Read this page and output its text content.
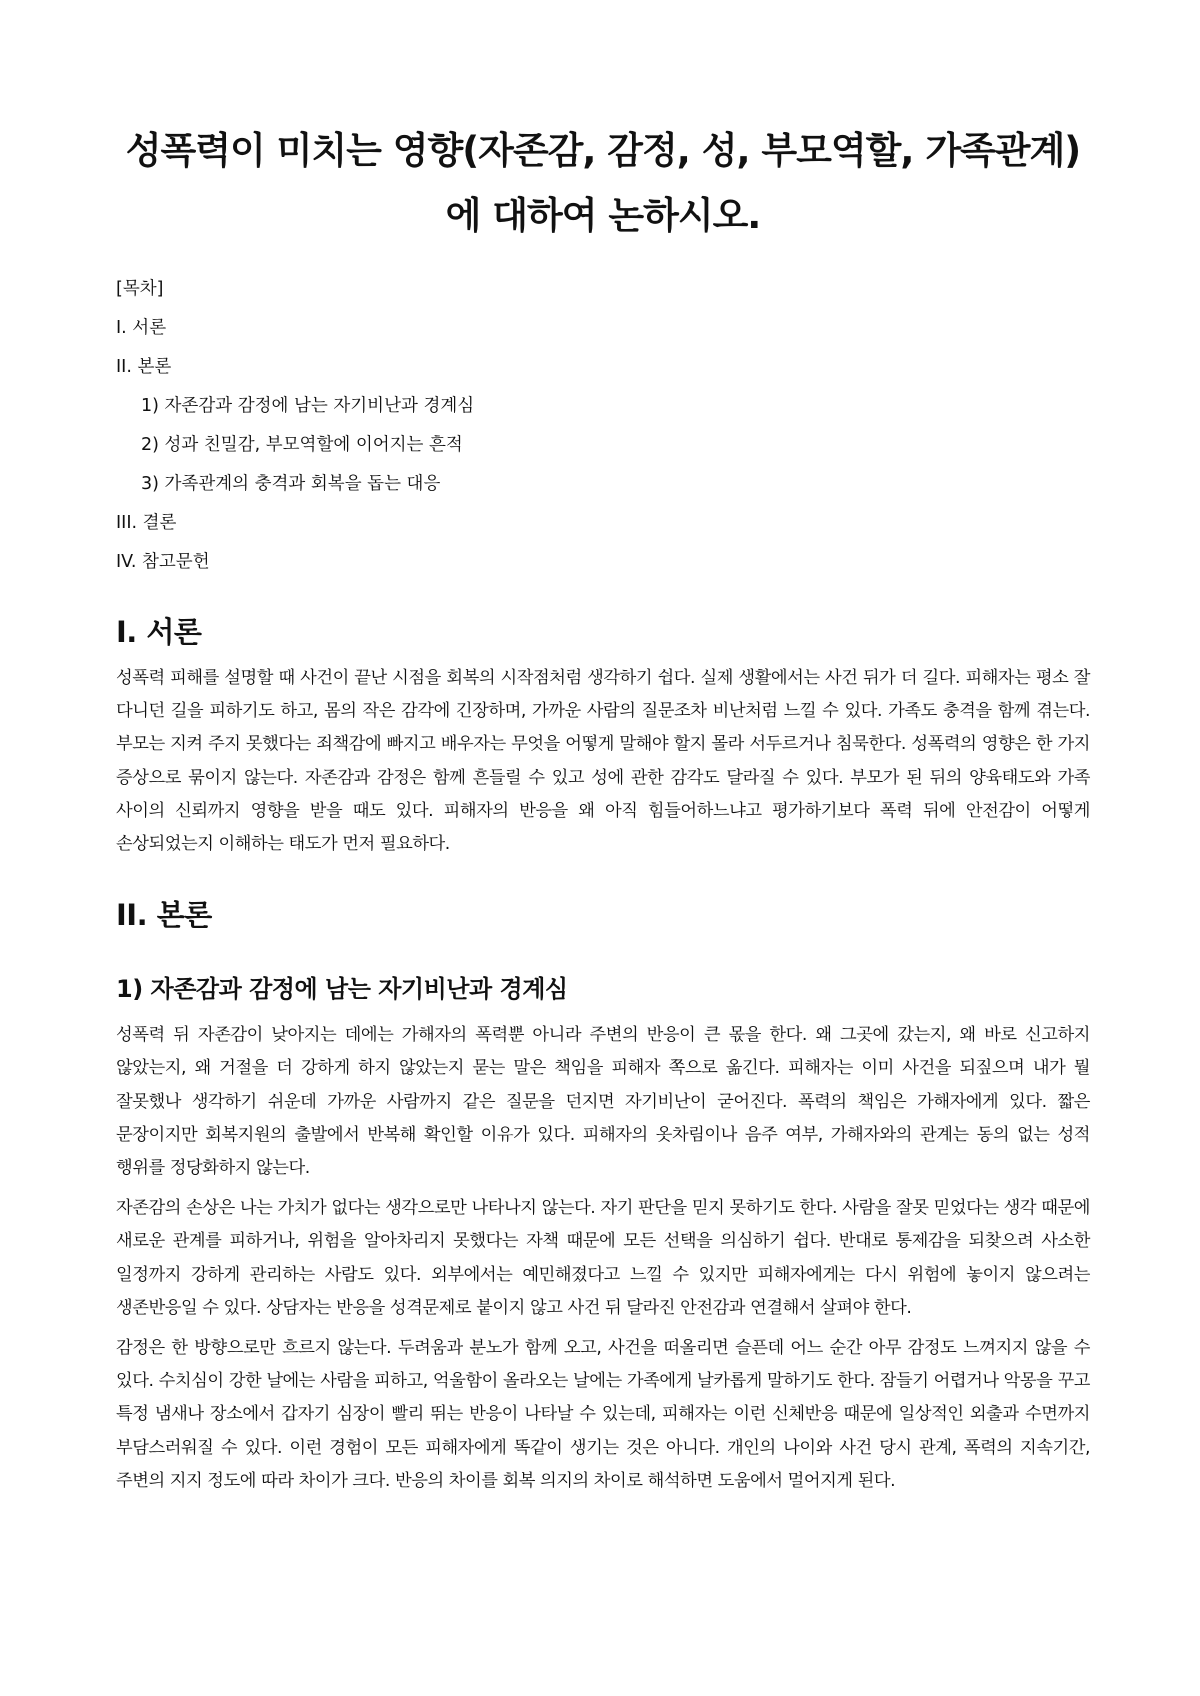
성폭력이 미치는 영향(자존감, 감정, 성, 부모역할, 가족관계)에 대하여 논하시오.
[목차]
I. 서론
II. 본론
1) 자존감과 감정에 남는 자기비난과 경계심
2) 성과 친밀감, 부모역할에 이어지는 흔적
3) 가족관계의 충격과 회복을 돕는 대응
III. 결론
IV. 참고문헌
I. 서론

성폭력 피해를 설명할 때 사건이 끝난 시점을 회복의 시작점처럼 생각하기 쉽다. 실제 생활에서는 사건 뒤가 더 길다. 피해자는 평소 잘 다니던 길을 피하기도 하고, 몸의 작은 감각에 긴장하며, 가까운 사람의 질문조차 비난처럼 느낄 수 있다. 가족도 충격을 함께 겪는다. 부모는 지켜 주지 못했다는 죄책감에 빠지고 배우자는 무엇을 어떻게 말해야 할지 몰라 서두르거나 침묵한다. 성폭력의 영향은 한 가지 증상으로 묶이지 않는다. 자존감과 감정은 함께 흔들릴 수 있고 성에 관한 감각도 달라질 수 있다. 부모가 된 뒤의 양육태도와 가족 사이의 신뢰까지 영향을 받을 때도 있다. 피해자의 반응을 왜 아직 힘들어하느냐고 평가하기보다 폭력 뒤에 안전감이 어떻게 손상되었는지 이해하는 태도가 먼저 필요하다.

II. 본론
1) 자존감과 감정에 남는 자기비난과 경계심

성폭력 뒤 자존감이 낮아지는 데에는 가해자의 폭력뿐 아니라 주변의 반응이 큰 몫을 한다. 왜 그곳에 갔는지, 왜 바로 신고하지 않았는지, 왜 거절을 더 강하게 하지 않았는지 묻는 말은 책임을 피해자 쪽으로 옮긴다. 피해자는 이미 사건을 되짚으며 내가 뭘 잘못했나 생각하기 쉬운데 가까운 사람까지 같은 질문을 던지면 자기비난이 굳어진다. 폭력의 책임은 가해자에게 있다. 짧은 문장이지만 회복지원의 출발에서 반복해 확인할 이유가 있다. 피해자의 옷차림이나 음주 여부, 가해자와의 관계는 동의 없는 성적 행위를 정당화하지 않는다.

자존감의 손상은 나는 가치가 없다는 생각으로만 나타나지 않는다. 자기 판단을 믿지 못하기도 한다. 사람을 잘못 믿었다는 생각 때문에 새로운 관계를 피하거나, 위험을 알아차리지 못했다는 자책 때문에 모든 선택을 의심하기 쉽다. 반대로 통제감을 되찾으려 사소한 일정까지 강하게 관리하는 사람도 있다. 외부에서는 예민해졌다고 느낄 수 있지만 피해자에게는 다시 위험에 놓이지 않으려는 생존반응일 수 있다. 상담자는 반응을 성격문제로 붙이지 않고 사건 뒤 달라진 안전감과 연결해서 살펴야 한다.

감정은 한 방향으로만 흐르지 않는다. 두려움과 분노가 함께 오고, 사건을 떠올리면 슬픈데 어느 순간 아무 감정도 느껴지지 않을 수 있다. 수치심이 강한 날에는 사람을 피하고, 억울함이 올라오는 날에는 가족에게 날카롭게 말하기도 한다. 잠들기 어렵거나 악몽을 꾸고 특정 냄새나 장소에서 갑자기 심장이 빨리 뛰는 반응이 나타날 수 있는데, 피해자는 이런 신체반응 때문에 일상적인 외출과 수면까지 부담스러워질 수 있다. 이런 경험이 모든 피해자에게 똑같이 생기는 것은 아니다. 개인의 나이와 사건 당시 관계, 폭력의 지속기간, 주변의 지지 정도에 따라 차이가 크다. 반응의 차이를 회복 의지의 차이로 해석하면 도움에서 멀어지게 된다.
